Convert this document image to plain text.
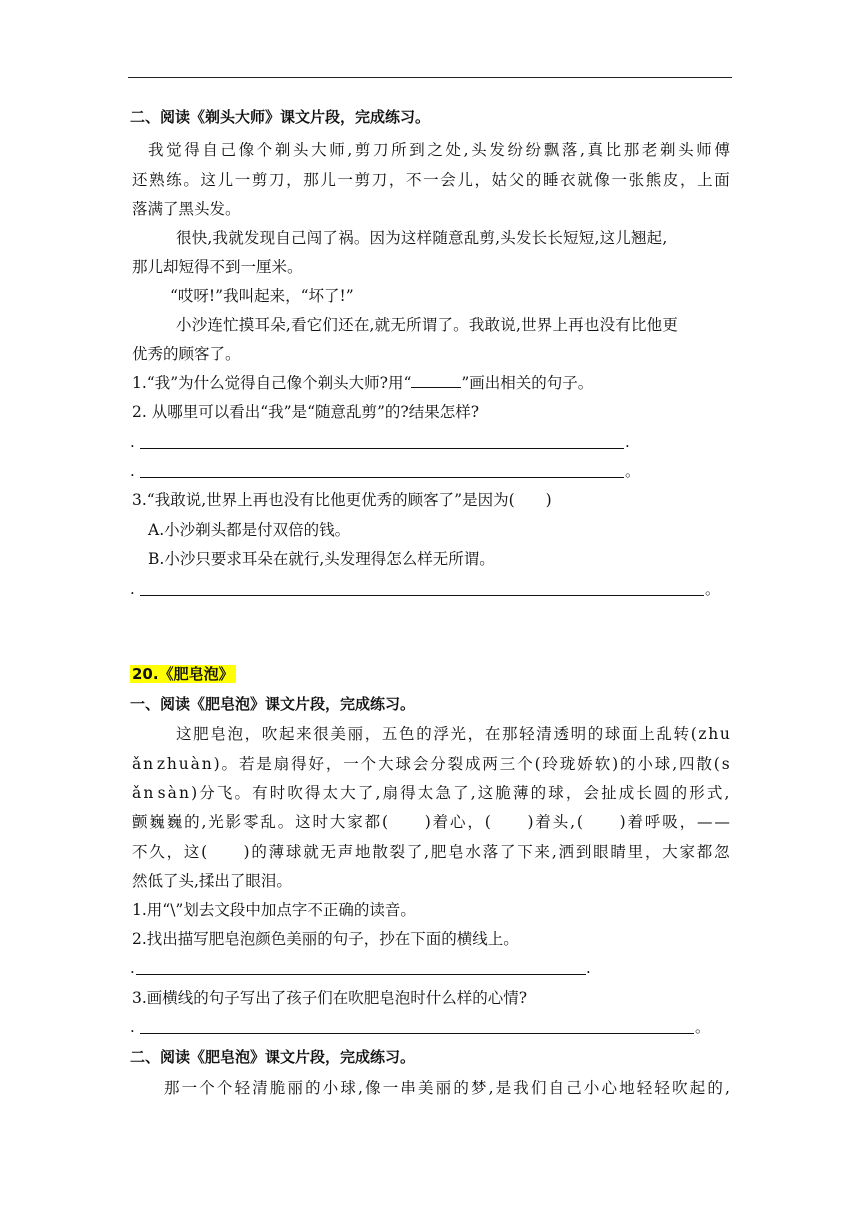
二、阅读《剃头大师》课文片段，完成练习。
我 觉 得 自 己 像 个 剃 头 大 师 , 剪 刀 所 到 之 处 , 头 发 纷 纷 飘 落 , 真 比 那 老 剃 头 师 傅
还 熟 练 。 这 儿 一 剪 刀 ， 那 儿 一 剪 刀 ， 不 一 会 儿 ， 姑 父 的 睡 衣 就 像 一 张 熊 皮 ， 上 面
落满了黑头发。
很快,我就发现自己闯了祸。因为这样随意乱剪,头发长长短短,这儿翘起,
那儿却短得不到一厘米。
“哎呀!”我叫起来，“坏了!”
小沙连忙摸耳朵,看它们还在,就无所谓了。我敢说,世界上再也没有比他更
优秀的顾客了。
1.“我”为什么觉得自己像个剃头大师?用“	”画出相关的句子。
2. 从哪里可以看出“我”是“随意乱剪”的?结果怎样?
.	.
.	。
3.“我敢说,世界上再也没有比他更优秀的顾客了”是因为(　　)
A.小沙剃头都是付双倍的钱。
B.小沙只要求耳朵在就行,头发理得怎么样无所谓。
.	。
20.《肥皂泡》
一、阅读《肥皂泡》课文片段，完成练习。
这 肥 皂 泡 ， 吹 起 来 很 美 丽 ， 五 色 的 浮 光 ， 在 那 轻 清 透 明 的 球 面 上 乱 转 ( z h u
ǎ n z h u à n ) 。 若 是 扇 得 好 ， 一 个 大 球 会 分 裂 成 两 三 个 ( 玲 珑 娇 软 ) 的 小 球 , 四 散 ( s
ǎ n s à n ) 分 飞 。 有 时 吹 得 太 大 了 , 扇 得 太 急 了 , 这 脆 薄 的 球 ， 会 扯 成 长 圆 的 形 式 ,
颤 巍 巍 的 , 光 影 零 乱 。 这 时 大 家 都 (

　 ) 着 心 ， (

　 ) 着 头 , (

　 ) 着 呼 吸 ， — —
不 久 ， 这 (

　 ) 的 薄 球 就 无 声 地 散 裂 了 , 肥 皂 水 落 了 下 来 , 洒 到 眼 睛 里 ， 大 家 都 忽
然低了头,揉出了眼泪。
1.用“\”划去文段中加点字不正确的读音。
2.找出描写肥皂泡颜色美丽的句子，抄在下面的横线上。
.	.
3.画横线的句子写出了孩子们在吹肥皂泡时什么样的心情?
.	。
二、阅读《肥皂泡》课文片段，完成练习。
那 一 个 个 轻 清 脆 丽 的 小 球 , 像 一 串 美 丽 的 梦 , 是 我 们 自 己 小 心 地 轻 轻 吹 起 的 ,
